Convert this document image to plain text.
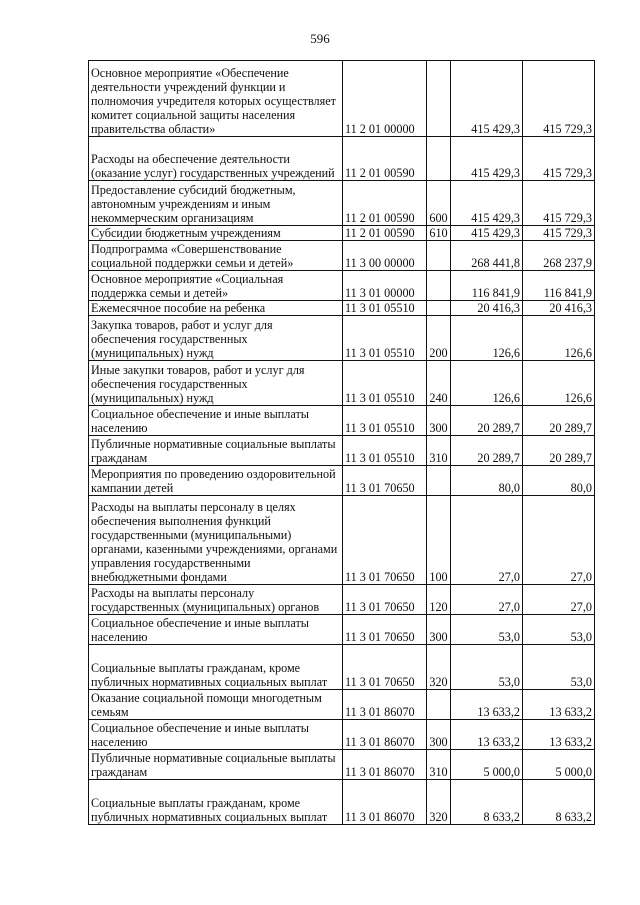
596
Основное мероприятие «Обеспечение деятельности учреждений функции и полномочия учредителя которых осуществляет комитет социальной защиты населения правительства области»	11 2 01 00000		415 429,3	415 729,3
Расходы на обеспечение деятельности (оказание услуг) государственных учреждений	11 2 01 00590		415 429,3	415 729,3
Предоставление субсидий бюджетным, автономным учреждениям и иным некоммерческим организациям	11 2 01 00590	600	415 429,3	415 729,3
Субсидии бюджетным учреждениям	11 2 01 00590	610	415 429,3	415 729,3
Подпрограмма «Совершенствование социальной поддержки семьи и детей»	11 3 00 00000		268 441,8	268 237,9
Основное мероприятие «Социальная поддержка семьи и детей»	11 3 01 00000		116 841,9	116 841,9
Ежемесячное пособие на ребенка	11 3 01 05510		20 416,3	20 416,3
Закупка товаров, работ и услуг для обеспечения государственных (муниципальных) нужд	11 3 01 05510	200	126,6	126,6
Иные закупки товаров, работ и услуг для обеспечения государственных (муниципальных) нужд	11 3 01 05510	240	126,6	126,6
Социальное обеспечение и иные выплаты населению	11 3 01 05510	300	20 289,7	20 289,7
Публичные нормативные социальные выплаты гражданам	11 3 01 05510	310	20 289,7	20 289,7
Мероприятия по проведению оздоровительной кампании детей	11 3 01 70650		80,0	80,0
Расходы на выплаты персоналу в целях обеспечения выполнения функций государственными (муниципальными) органами, казенными учреждениями, органами управления государственными внебюджетными фондами	11 3 01 70650	100	27,0	27,0
Расходы на выплаты персоналу государственных (муниципальных) органов	11 3 01 70650	120	27,0	27,0
Социальное обеспечение и иные выплаты населению	11 3 01 70650	300	53,0	53,0
Социальные выплаты гражданам, кроме публичных нормативных социальных выплат	11 3 01 70650	320	53,0	53,0
Оказание социальной помощи многодетным семьям	11 3 01 86070		13 633,2	13 633,2
Социальное обеспечение и иные выплаты населению	11 3 01 86070	300	13 633,2	13 633,2
Публичные нормативные социальные выплаты гражданам	11 3 01 86070	310	5 000,0	5 000,0
Социальные выплаты гражданам, кроме публичных нормативных социальных выплат	11 3 01 86070	320	8 633,2	8 633,2
